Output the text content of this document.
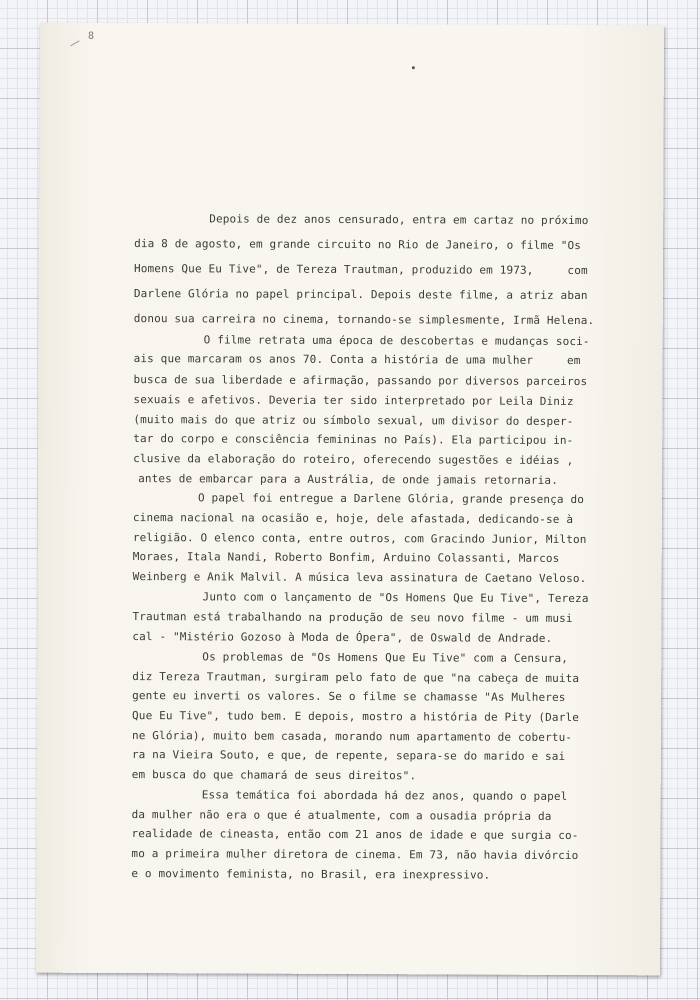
8
Depois de dez anos censurado, entra em cartaz no próximo
dia 8 de agosto, em grande circuito no Rio de Janeiro, o filme "Os
Homens Que Eu Tive", de Tereza Trautman, produzido em 1973,     com
Darlene Glória no papel principal. Depois deste filme, a atriz aban
donou sua carreira no cinema, tornando-se simplesmente, Irmã Helena.
O filme retrata uma época de descobertas e mudanças soci-
ais que marcaram os anos 70. Conta a história de uma mulher     em
busca de sua liberdade e afirmação, passando por diversos parceiros
sexuais e afetivos. Deveria ter sido interpretado por Leila Diniz
(muito mais do que atriz ou símbolo sexual, um divisor do desper-
tar do corpo e consciência femininas no País). Ela participou in-
clusive da elaboração do roteiro, oferecendo sugestões e idéias ,
antes de embarcar para a Austrália, de onde jamais retornaria.
O papel foi entregue a Darlene Glória, grande presença do
cinema nacional na ocasião e, hoje, dele afastada, dedicando-se à
religião. O elenco conta, entre outros, com Gracindo Junior, Milton
Moraes, Itala Nandi, Roberto Bonfim, Arduino Colassanti, Marcos
Weinberg e Anik Malvil. A música leva assinatura de Caetano Veloso.
Junto com o lançamento de "Os Homens Que Eu Tive", Tereza
Trautman está trabalhando na produção de seu novo filme - um musi
cal - "Mistério Gozoso à Moda de Ópera", de Oswald de Andrade.
Os problemas de "Os Homens Que Eu Tive" com a Censura,
diz Tereza Trautman, surgiram pelo fato de que "na cabeça de muita
gente eu inverti os valores. Se o filme se chamasse "As Mulheres
Que Eu Tive", tudo bem. E depois, mostro a história de Pity (Darle
ne Glória), muito bem casada, morando num apartamento de cobertu-
ra na Vieira Souto, e que, de repente, separa-se do marido e sai
em busca do que chamará de seus direitos".
Essa temática foi abordada há dez anos, quando o papel
da mulher não era o que é atualmente, com a ousadia própria da
realidade de cineasta, então com 21 anos de idade e que surgia co-
mo a primeira mulher diretora de cinema. Em 73, não havia divórcio
e o movimento feminista, no Brasil, era inexpressivo.
